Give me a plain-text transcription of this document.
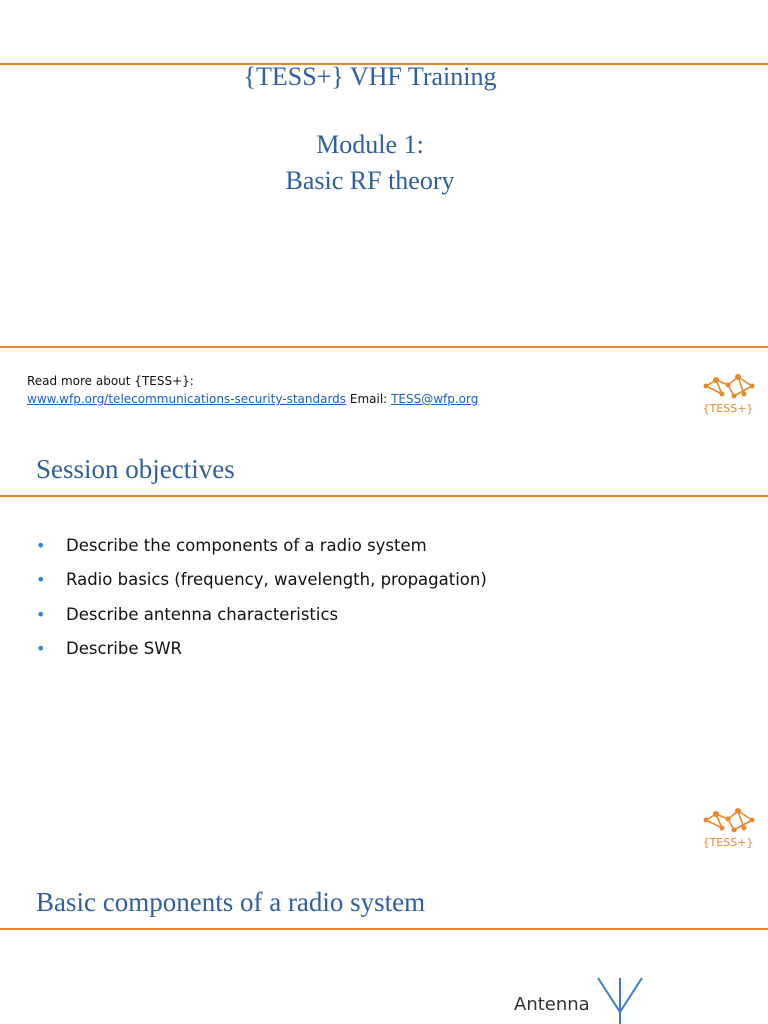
{TESS+} VHF Training
Module 1:
Basic RF theory
Read more about {TESS+}:
www.wfp.org/telecommunications-security-standards Email: TESS@wfp.org
{TESS+}
Session objectives
• Describe the components of a radio system
• Radio basics (frequency, wavelength, propagation)
• Describe antenna characteristics
• Describe SWR
{TESS+}
Basic components of a radio system
Antenna
